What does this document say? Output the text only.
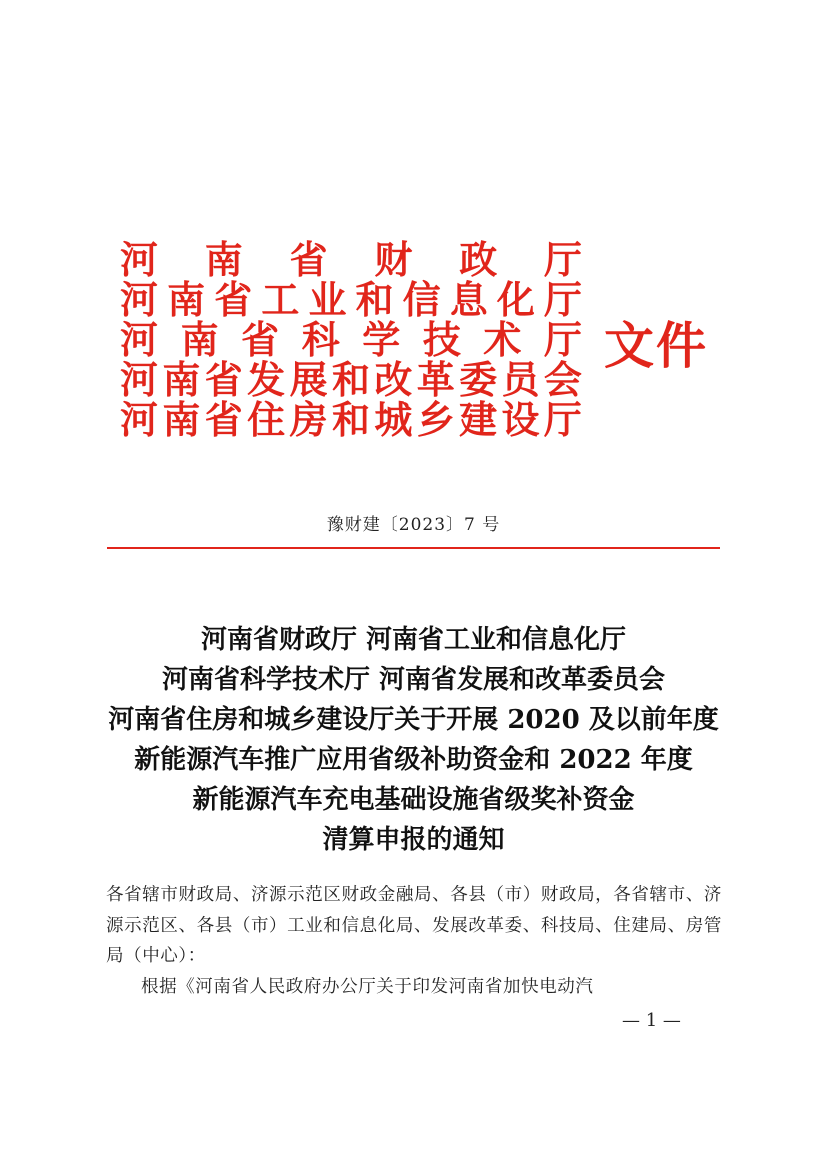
河 南 省 财 政 厅
河 南 省 工 业 和 信 息 化 厅
河 南 省 科 学 技 术 厅
河 南 省 发 展 和 改 革 委 员 会
河 南 省 住 房 和 城 乡 建 设 厅
文件
豫财建〔2023〕7 号
河南省财政厅 河南省工业和信息化厅
河南省科学技术厅 河南省发展和改革委员会
河南省住房和城乡建设厅关于开展 2020 及以前年度
新能源汽车推广应用省级补助资金和 2022 年度
新能源汽车充电基础设施省级奖补资金
清算申报的通知
各省辖市财政局、济源示范区财政金融局、各县（市）财政局，各省辖市、济源示范区、各县（市）工业和信息化局、发展改革委、科技局、住建局、房管局（中心）：
根据《河南省人民政府办公厅关于印发河南省加快电动汽
— 1 —
